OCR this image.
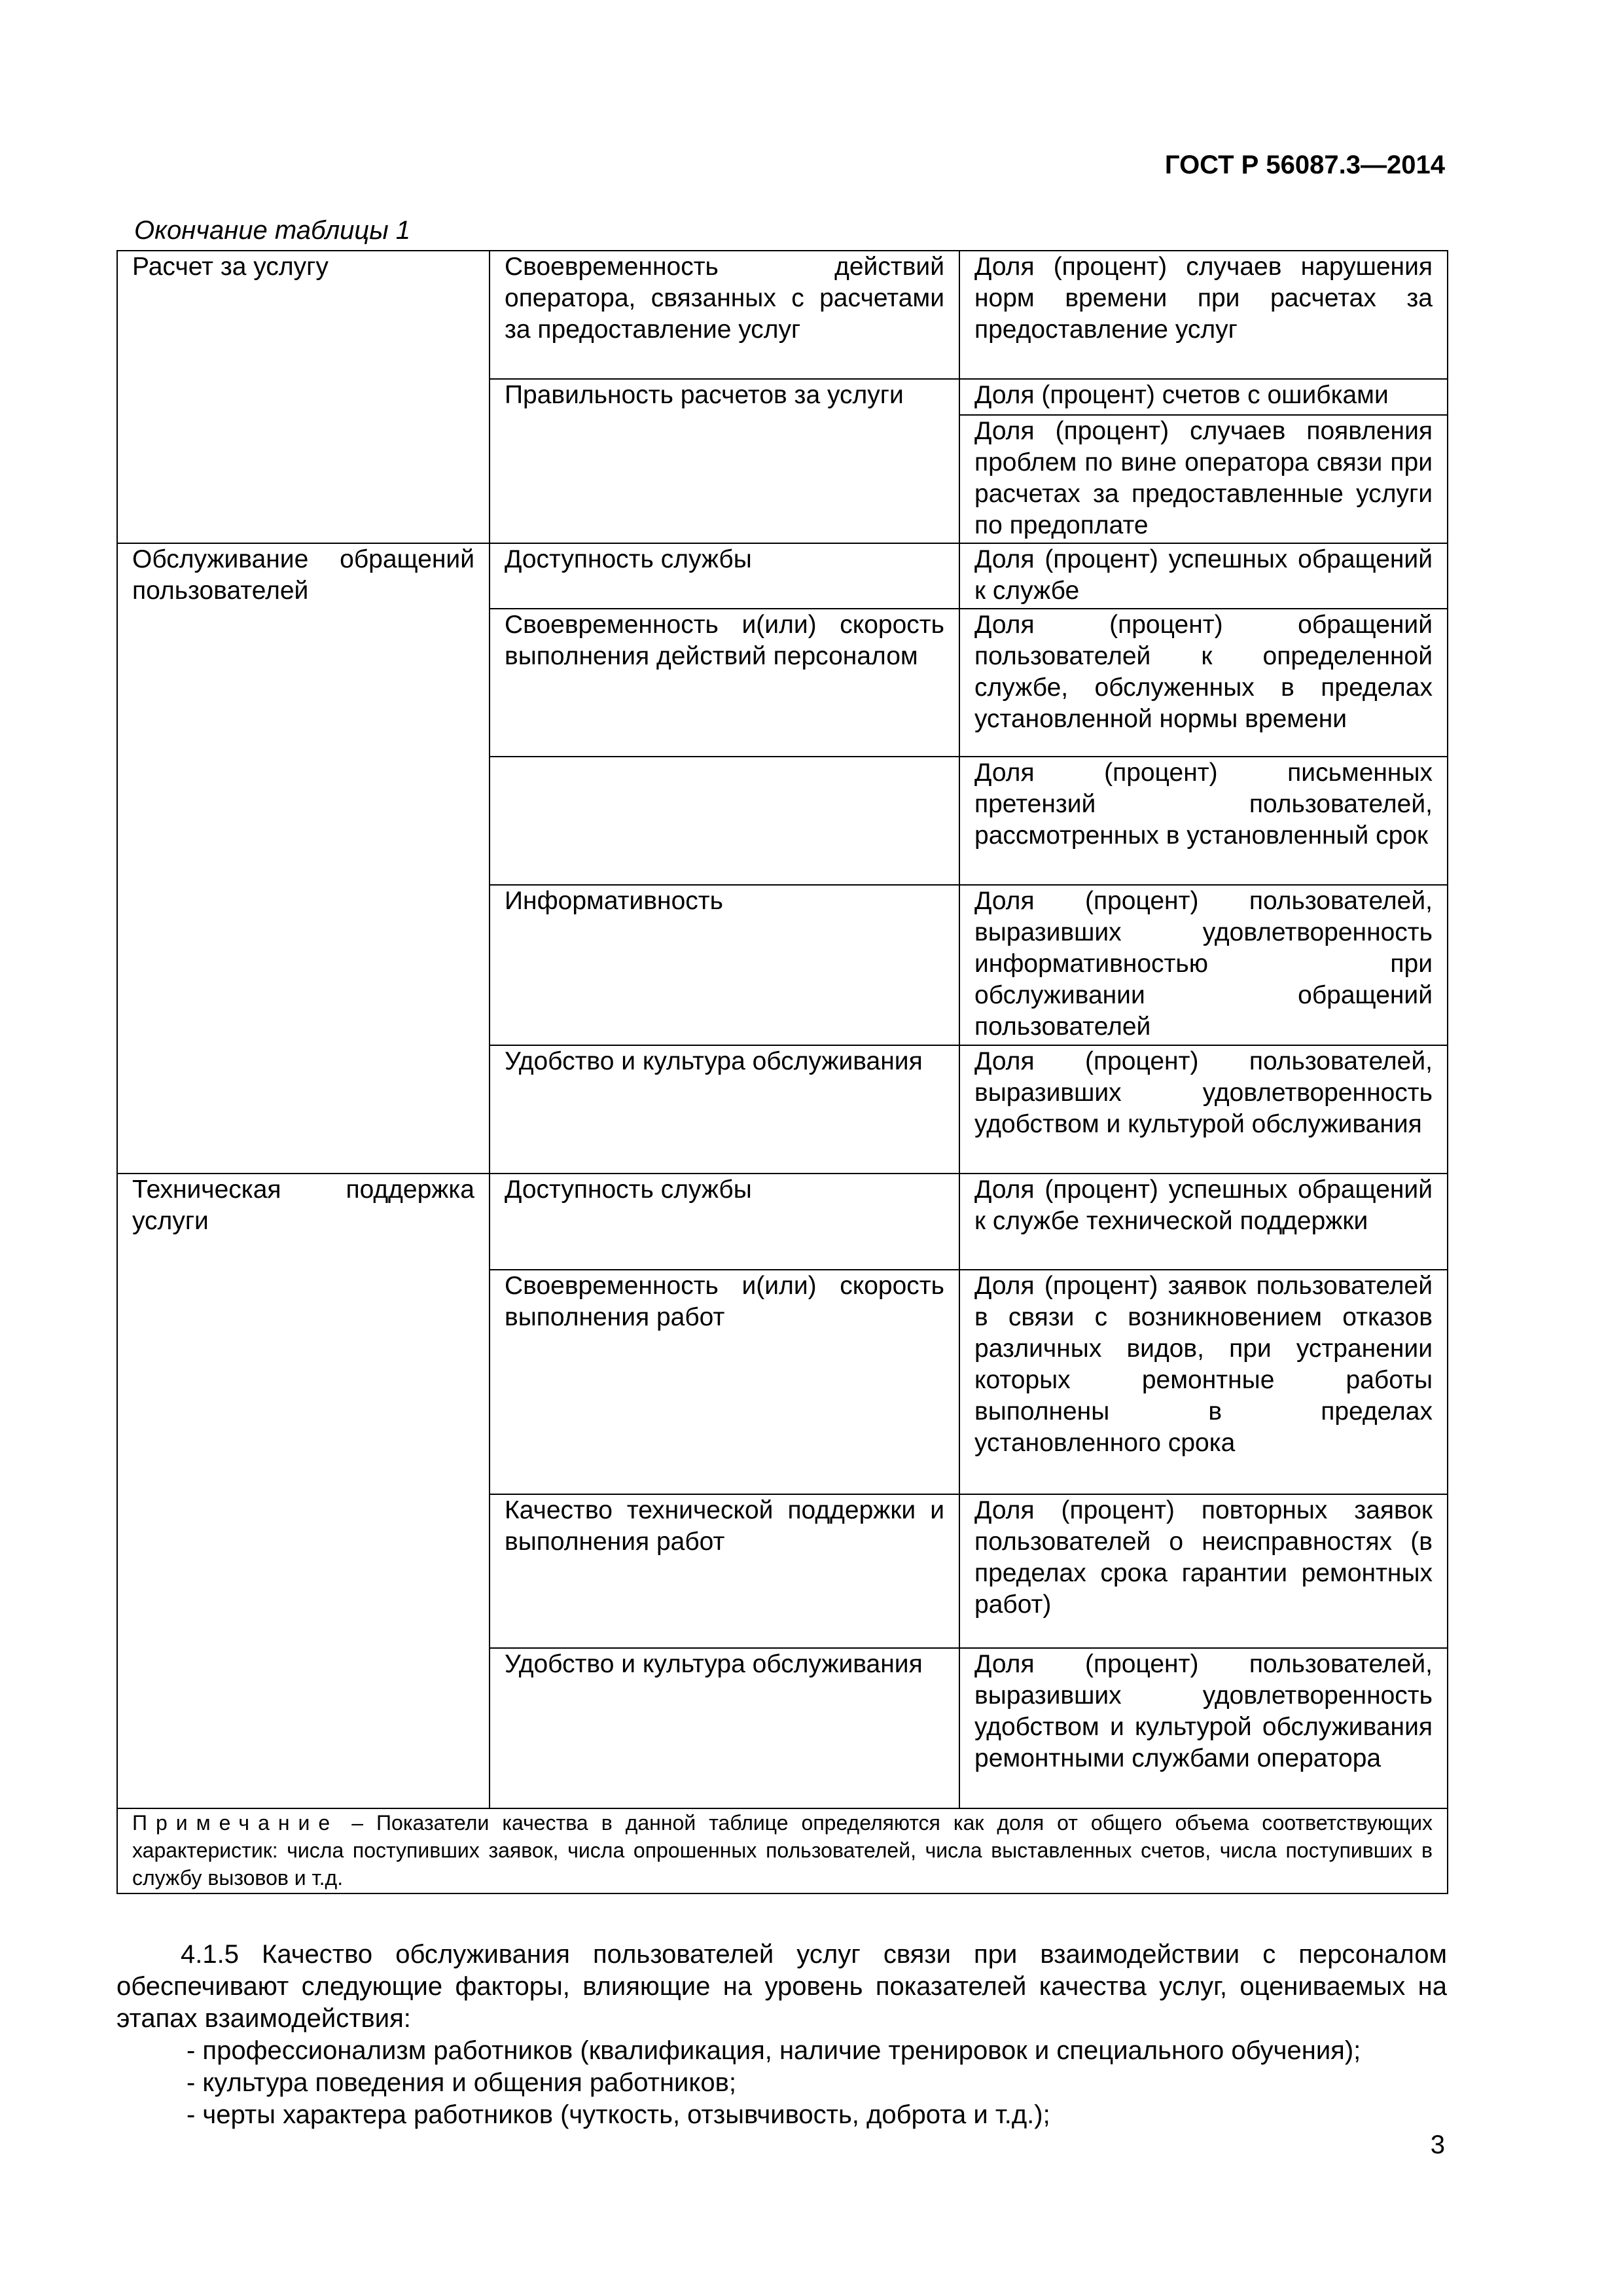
ГОСТ Р 56087.3—2014
Окончание таблицы 1
Расчет за услугу	Своевременность действий оператора, связанных с расчетами за предоставление услуг	Доля (процент) случаев нарушения норм времени при расчетах за предоставление услуг
	Правильность расчетов за услуги	Доля (процент) счетов с ошибками
		Доля (процент) случаев появления проблем по вине оператора связи при расчетах за предоставленные услуги по предоплате
Обслуживание обращений пользователей	Доступность службы	Доля (процент) успешных обращений к службе
	Своевременность и(или) скорость выполнения действий персоналом	Доля (процент) обращений пользователей к определенной службе, обслуженных в пределах установленной нормы времени
		Доля (процент) письменных претензий пользователей, рассмотренных в установленный срок
	Информативность	Доля (процент) пользователей, выразивших удовлетворенность информативностью при обслуживании обращений пользователей
	Удобство и культура обслуживания	Доля (процент) пользователей, выразивших удовлетворенность удобством и культурой обслуживания
Техническая поддержка услуги	Доступность службы	Доля (процент) успешных обращений к службе технической поддержки
	Своевременность и(или) скорость выполнения работ	Доля (процент) заявок пользователей в связи с возникновением отказов различных видов, при устранении которых ремонтные работы выполнены в пределах установленного срока
	Качество технической поддержки и выполнения работ	Доля (процент) повторных заявок пользователей о неисправностях (в пределах срока гарантии ремонтных работ)
	Удобство и культура обслуживания	Доля (процент) пользователей, выразивших удовлетворенность удобством и культурой обслуживания ремонтными службами оператора
Примечание – Показатели качества в данной таблице определяются как доля от общего объема соответствующих характеристик: числа поступивших заявок, числа опрошенных пользователей, числа выставленных счетов, числа поступивших в службу вызовов и т.д.		
4.1.5 Качество обслуживания пользователей услуг связи при взаимодействии с персоналом обеспечивают следующие факторы, влияющие на уровень показателей качества услуг, оцениваемых на этапах взаимодействия:
- профессионализм работников (квалификация, наличие тренировок и специального обучения);
- культура поведения и общения работников;
- черты характера работников (чуткость, отзывчивость, доброта и т.д.);
3
